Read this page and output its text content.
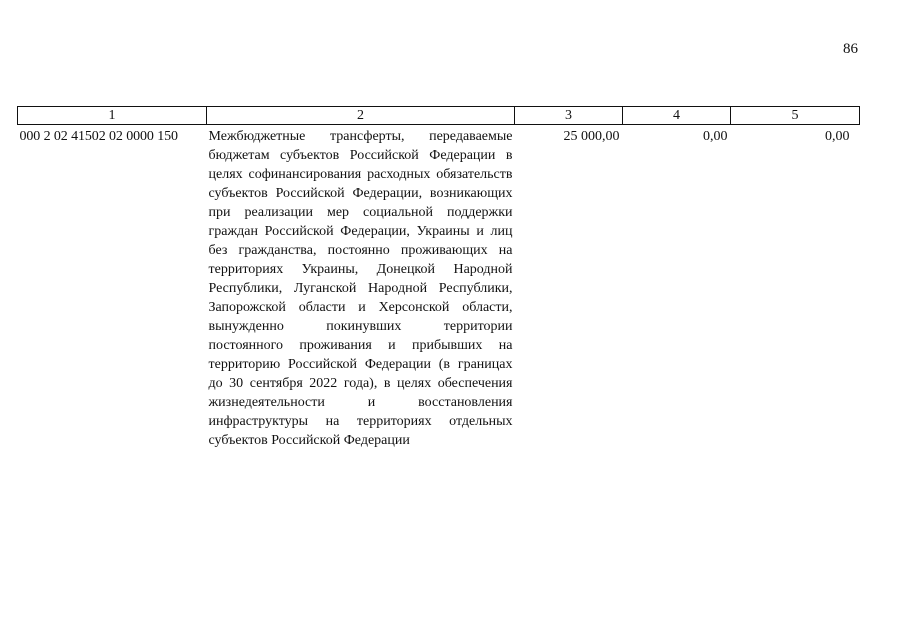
86
1	2	3	4	5
000 2 02 41502 02 0000 150	Межбюджетные трансферты, передаваемые бюджетам субъектов Российской Федерации в целях софинансирования расходных обязательств субъектов Российской Федерации, возникающих при реализации мер социальной поддержки граждан Российской Федерации, Украины и лиц без гражданства, постоянно проживающих на территориях Украины, Донецкой Народной Республики, Луганской Народной Республики, Запорожской области и Херсонской области, вынужденно покинувших территории постоянного проживания и прибывших на территорию Российской Федерации (в границах до 30 сентября 2022 года), в целях обеспечения жизнедеятельности и восстановления инфраструктуры на территориях отдельных субъектов Российской Федерации	25 000,00	0,00	0,00
